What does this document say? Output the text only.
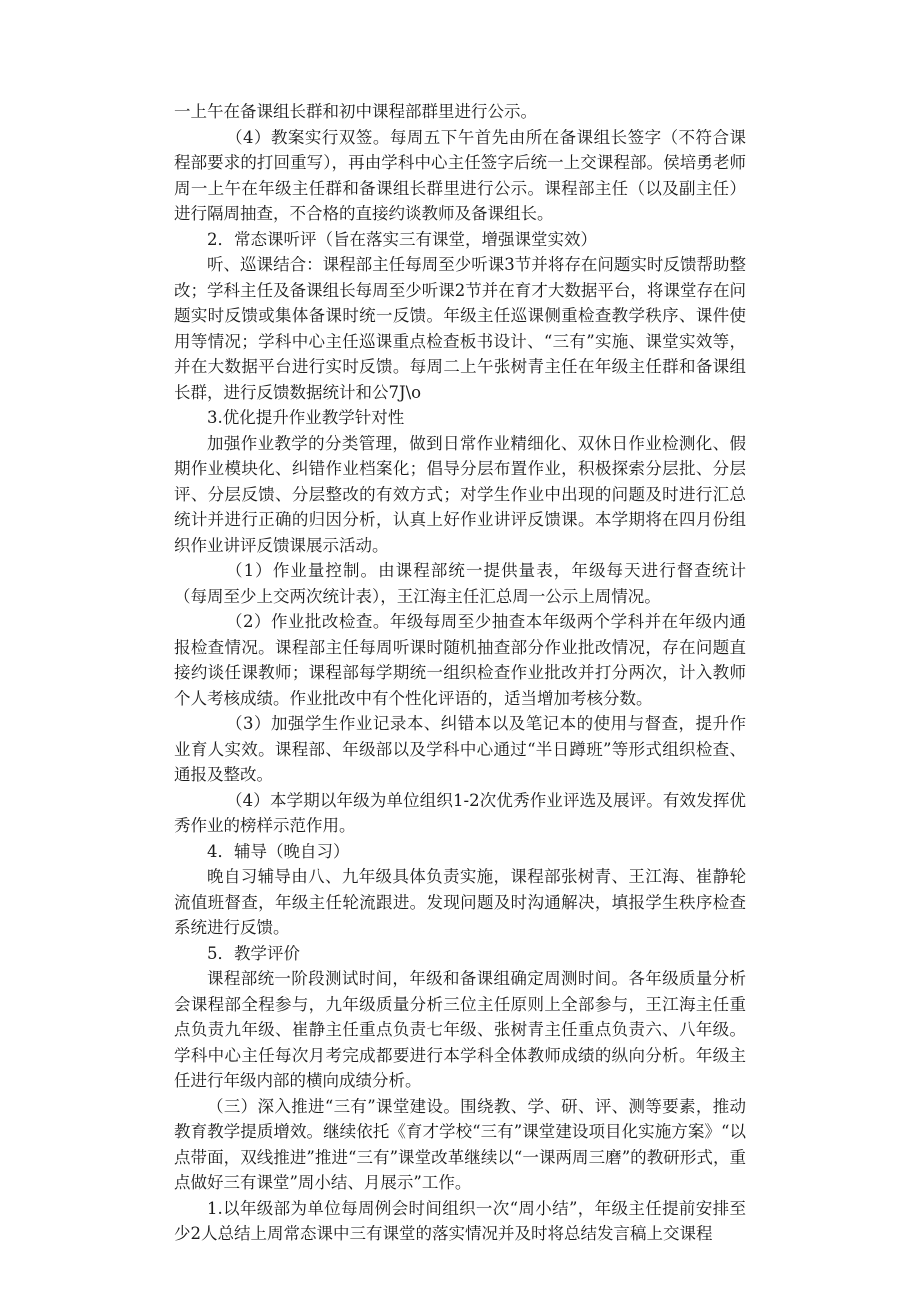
一上午在备课组长群和初中课程部群里进行公示。

（4）教案实行双签。每周五下午首先由所在备课组长签字（不符合课程部要求的打回重写），再由学科中心主任签字后统一上交课程部。侯培勇老师周一上午在年级主任群和备课组长群里进行公示。课程部主任（以及副主任）进行隔周抽查，不合格的直接约谈教师及备课组长。

2．常态课听评（旨在落实三有课堂，增强课堂实效）

听、巡课结合：课程部主任每周至少听课3节并将存在问题实时反馈帮助整改；学科主任及备课组长每周至少听课2节并在育才大数据平台，将课堂存在问题实时反馈或集体备课时统一反馈。年级主任巡课侧重检查教学秩序、课件使用等情况；学科中心主任巡课重点检查板书设计、“三有”实施、课堂实效等，并在大数据平台进行实时反馈。每周二上午张树青主任在年级主任群和备课组长群，进行反馈数据统计和公7J\o

3.优化提升作业教学针对性

加强作业教学的分类管理，做到日常作业精细化、双休日作业检测化、假期作业模块化、纠错作业档案化；倡导分层布置作业，积极探索分层批、分层评、分层反馈、分层整改的有效方式；对学生作业中出现的问题及时进行汇总统计并进行正确的归因分析，认真上好作业讲评反馈课。本学期将在四月份组织作业讲评反馈课展示活动。

（1）作业量控制。由课程部统一提供量表，年级每天进行督查统计（每周至少上交两次统计表），王江海主任汇总周一公示上周情况。

（2）作业批改检查。年级每周至少抽查本年级两个学科并在年级内通报检查情况。课程部主任每周听课时随机抽查部分作业批改情况，存在问题直接约谈任课教师；课程部每学期统一组织检查作业批改并打分两次，计入教师个人考核成绩。作业批改中有个性化评语的，适当增加考核分数。

（3）加强学生作业记录本、纠错本以及笔记本的使用与督查，提升作业育人实效。课程部、年级部以及学科中心通过“半日蹲班”等形式组织检查、通报及整改。

（4）本学期以年级为单位组织1-2次优秀作业评选及展评。有效发挥优秀作业的榜样示范作用。

4．辅导（晚自习）

晚自习辅导由八、九年级具体负责实施，课程部张树青、王江海、崔静轮流值班督查，年级主任轮流跟进。发现问题及时沟通解决，填报学生秩序检查系统进行反馈。

5．教学评价

课程部统一阶段测试时间，年级和备课组确定周测时间。各年级质量分析会课程部全程参与，九年级质量分析三位主任原则上全部参与，王江海主任重点负责九年级、崔静主任重点负责七年级、张树青主任重点负责六、八年级。学科中心主任每次月考完成都要进行本学科全体教师成绩的纵向分析。年级主任进行年级内部的横向成绩分析。

（三）深入推进“三有”课堂建设。围绕教、学、研、评、测等要素，推动教育教学提质增效。继续依托《育才学校“三有”课堂建设项目化实施方案》“以点带面，双线推进”推进“三有”课堂改革继续以“一课两周三磨”的教研形式，重点做好三有课堂”周小结、月展示”工作。

1.以年级部为单位每周例会时间组织一次“周小结”，年级主任提前安排至少2人总结上周常态课中三有课堂的落实情况并及时将总结发言稿上交课程
